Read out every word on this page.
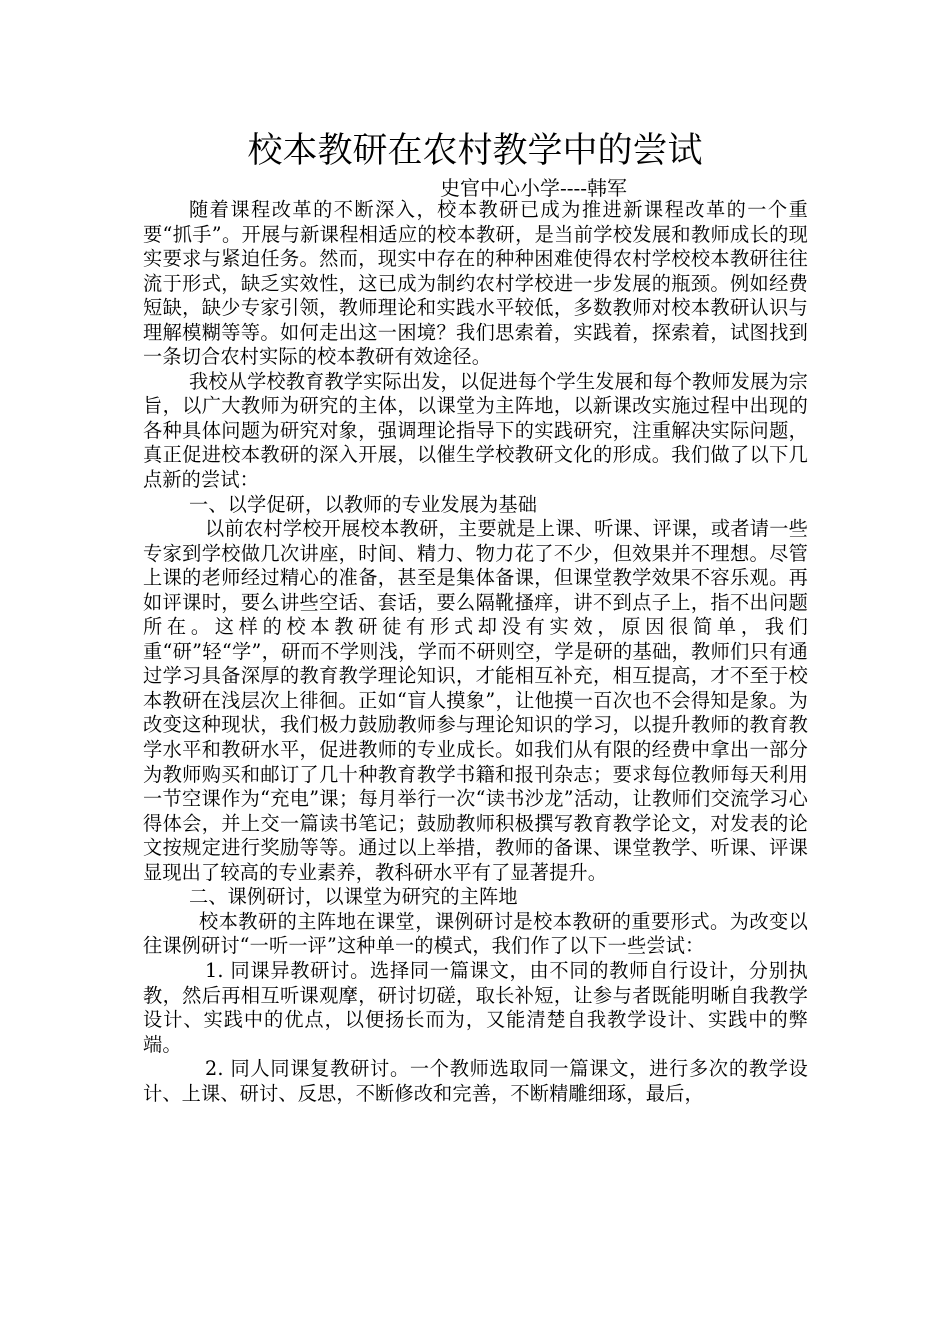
校本教研在农村教学中的尝试
史官中心小学----韩军

随着课程改革的不断深入，校本教研已成为推进新课程改革的一个重要“抓手”。开展与新课程相适应的校本教研，是当前学校发展和教师成长的现实要求与紧迫任务。然而，现实中存在的种种困难使得农村学校校本教研往往流于形式，缺乏实效性，这已成为制约农村学校进一步发展的瓶颈。例如经费短缺，缺少专家引领，教师理论和实践水平较低，多数教师对校本教研认识与理解模糊等等。如何走出这一困境？我们思索着，实践着，探索着，试图找到一条切合农村实际的校本教研有效途径。

我校从学校教育教学实际出发，以促进每个学生发展和每个教师发展为宗旨，以广大教师为研究的主体，以课堂为主阵地，以新课改实施过程中出现的各种具体问题为研究对象，强调理论指导下的实践研究，注重解决实际问题，真正促进校本教研的深入开展，以催生学校教研文化的形成。我们做了以下几点新的尝试：

一、以学促研，以教师的专业发展为基础

以前农村学校开展校本教研，主要就是上课、听课、评课，或者请一些专家到学校做几次讲座，时间、精力、物力花了不少，但效果并不理想。尽管上课的老师经过精心的准备，甚至是集体备课，但课堂教学效果不容乐观。再如评课时，要么讲些空话、套话，要么隔靴搔痒，讲不到点子上，指不出问题所在。这样的校本教研徒有形式却没有实效，原因很简单，我们重“研”轻“学”，研而不学则浅，学而不研则空，学是研的基础，教师们只有通过学习具备深厚的教育教学理论知识，才能相互补充，相互提高，才不至于校本教研在浅层次上徘徊。正如“盲人摸象”，让他摸一百次也不会得知是象。为改变这种现状，我们极力鼓励教师参与理论知识的学习，以提升教师的教育教学水平和教研水平，促进教师的专业成长。如我们从有限的经费中拿出一部分为教师购买和邮订了几十种教育教学书籍和报刊杂志；要求每位教师每天利用一节空课作为“充电”课；每月举行一次“读书沙龙”活动，让教师们交流学习心得体会，并上交一篇读书笔记；鼓励教师积极撰写教育教学论文，对发表的论文按规定进行奖励等等。通过以上举措，教师的备课、课堂教学、听课、评课显现出了较高的专业素养，教科研水平有了显著提升。

二、课例研讨，以课堂为研究的主阵地

校本教研的主阵地在课堂，课例研讨是校本教研的重要形式。为改变以往课例研讨“一听一评”这种单一的模式，我们作了以下一些尝试：

1. 同课异教研讨。选择同一篇课文，由不同的教师自行设计，分别执教，然后再相互听课观摩，研讨切磋，取长补短，让参与者既能明晰自我教学设计、实践中的优点，以便扬长而为，又能清楚自我教学设计、实践中的弊端。

2. 同人同课复教研讨。一个教师选取同一篇课文，进行多次的教学设计、上课、研讨、反思，不断修改和完善，不断精雕细琢，最后，
